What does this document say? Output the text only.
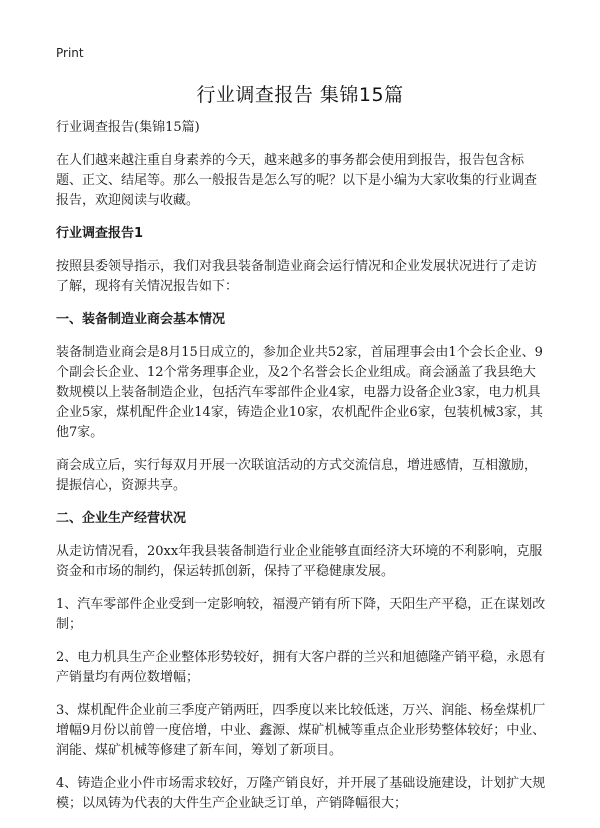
Print
行业调查报告 集锦15篇

行业调查报告(集锦15篇)

在人们越来越注重自身素养的今天，越来越多的事务都会使用到报告，报告包含标题、正文、结尾等。那么一般报告是怎么写的呢？以下是小编为大家收集的行业调查报告，欢迎阅读与收藏。

行业调查报告1

按照县委领导指示，我们对我县装备制造业商会运行情况和企业发展状况进行了走访了解，现将有关情况报告如下：

一、装备制造业商会基本情况

装备制造业商会是8月15日成立的，参加企业共52家，首届理事会由1个会长企业、9个副会长企业、12个常务理事企业，及2个名誉会长企业组成。商会涵盖了我县绝大数规模以上装备制造企业，包括汽车零部件企业4家，电器力设备企业3家，电力机具企业5家，煤机配件企业14家，铸造企业10家，农机配件企业6家，包装机械3家，其他7家。

商会成立后，实行每双月开展一次联谊活动的方式交流信息，增进感情，互相激励，提振信心，资源共享。

二、企业生产经营状况

从走访情况看，20xx年我县装备制造行业企业能够直面经济大环境的不利影响，克服资金和市场的制约，保运转抓创新，保持了平稳健康发展。

1、汽车零部件企业受到一定影响较，福漫产销有所下降，天阳生产平稳，正在谋划改制；

2、电力机具生产企业整体形势较好，拥有大客户群的兰兴和旭德隆产销平稳，永恩有产销量均有两位数增幅；

3、煤机配件企业前三季度产销两旺，四季度以来比较低迷，万兴、润能、杨垒煤机厂增幅9月份以前曾一度倍增，中业、鑫源、煤矿机械等重点企业形势整体较好；中业、润能、煤矿机械等修建了新车间，筹划了新项目。

4、铸造企业小件市场需求较好，万隆产销良好，并开展了基础设施建设，计划扩大规模；以凤铸为代表的大件生产企业缺乏订单，产销降幅很大；
